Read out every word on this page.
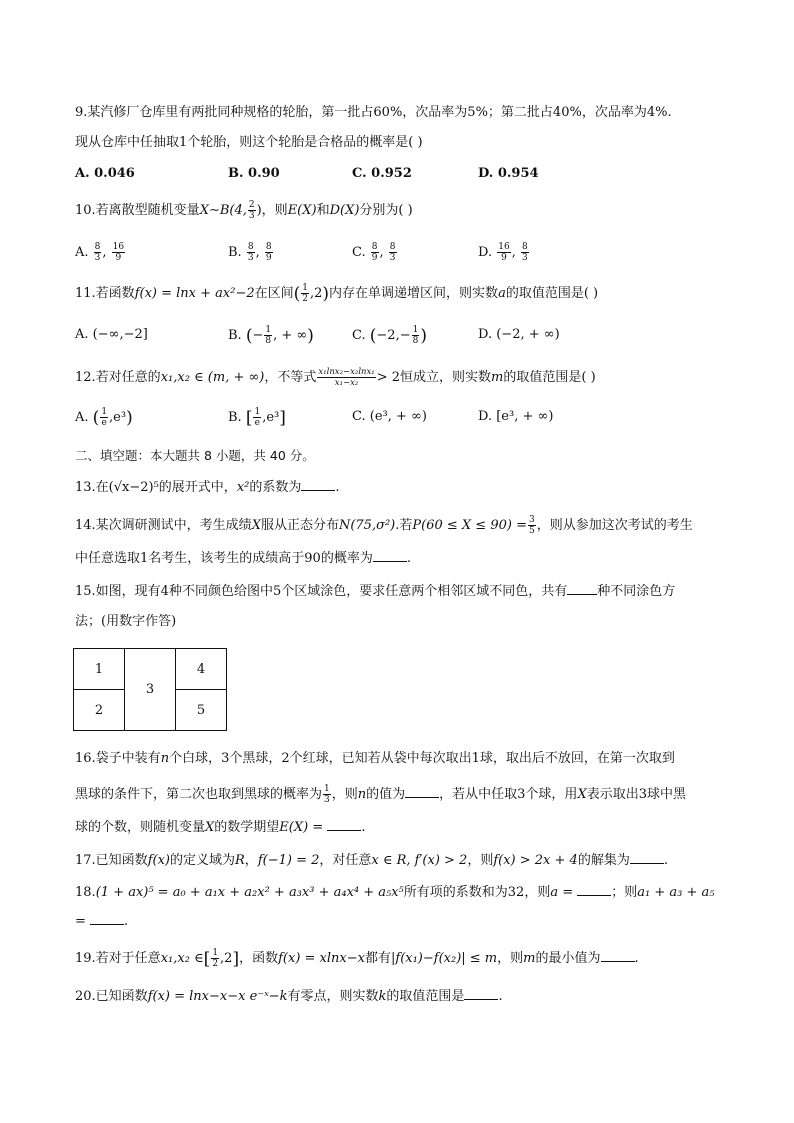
9.某汽修厂仓库里有两批同种规格的轮胎，第一批占60%，次品率为5%；第二批占40%，次品率为4%.
现从仓库中任抽取1个轮胎，则这个轮胎是合格品的概率是( )
A. 0.046	B. 0.90	C. 0.952	D. 0.954
10.若离散型随机变量X∼B(4, $\frac{2}{3}$ )，则E(X)和D(X)分别为( )
A. $\frac{8}{3}$ , $\frac{16}{9}$	B. $\frac{8}{3}$ , $\frac{8}{9}$	C. $\frac{8}{9}$ , $\frac{8}{3}$	D. $\frac{16}{9}$ , $\frac{8}{3}$
11.若函数f(x) = lnx + ax²−2在区间( $\frac{1}{2} ,2$)内存在单调递增区间，则实数a的取值范围是( )
A. (−∞,−2]	B. (− $\frac{1}{8}$ , + ∞)	C. ($-2,- \frac{1}{8}$ )	D. (−2, + ∞)
12.若对任意的x₁,x₂ ∈ (m, + ∞)，不等式 $\frac{\text{x₁lnx₂−x₂lnx₁}}{\text{x₁−x₂}} > 2$恒成立，则实数m的取值范围是( )
A. ( $\frac{1}{e} ,e^3$)	B. [ $\frac{1}{e} ,e^3$]	C. (e³, + ∞)	D. [e³, + ∞)
二、填空题：本大题共 8 小题，共 40 分。
13.在(√x−2)⁵的展开式中，x²的系数为	.
14.某次调研测试中，考生成绩X服从正态分布N(75,σ²).若$P(60 \le X \le 90) = \frac{3}{5}$ ，则从参加这次考试的考生
中任意选取1名考生，该考生的成绩高于90的概率为	.
15.如图，现有4种不同颜色给图中5个区域涂色，要求任意两个相邻区域不同色，共有 种不同涂色方
法；(用数字作答)
1	3	4
2		5
16.袋子中装有n个白球，3个黑球，2个红球，已知若从袋中每次取出1球，取出后不放回，在第一次取到
黑球的条件下，第二次也取到黑球的概率为 $\frac{1}{3}$ ，则n的值为	，若从中任取3个球，用X表示取出3球中黑
球的个数，则随机变量X的数学期望E(X) =	.
17.已知函数f(x)的定义域为R，f(−1) = 2，对任意x ∈ R, f′(x) > 2，则f(x) > 2x + 4的解集为	.
18.(1 + ax)⁵ = a₀ + a₁x + a₂x² + a₃x³ + a₄x⁴ + a₅x⁵所有项的系数和为32，则a =	；则a₁ + a₃ + a₅
=	.
19.若对于任意x₁,x₂ ∈[ $\frac{1}{2} ,2$]，函数f(x) = xlnx−x都有|f(x₁)−f(x₂)| ≤ m，则m的最小值为	.
20.已知函数f(x) = lnx−x−x e⁻ˣ−k有零点，则实数k的取值范围是	.
